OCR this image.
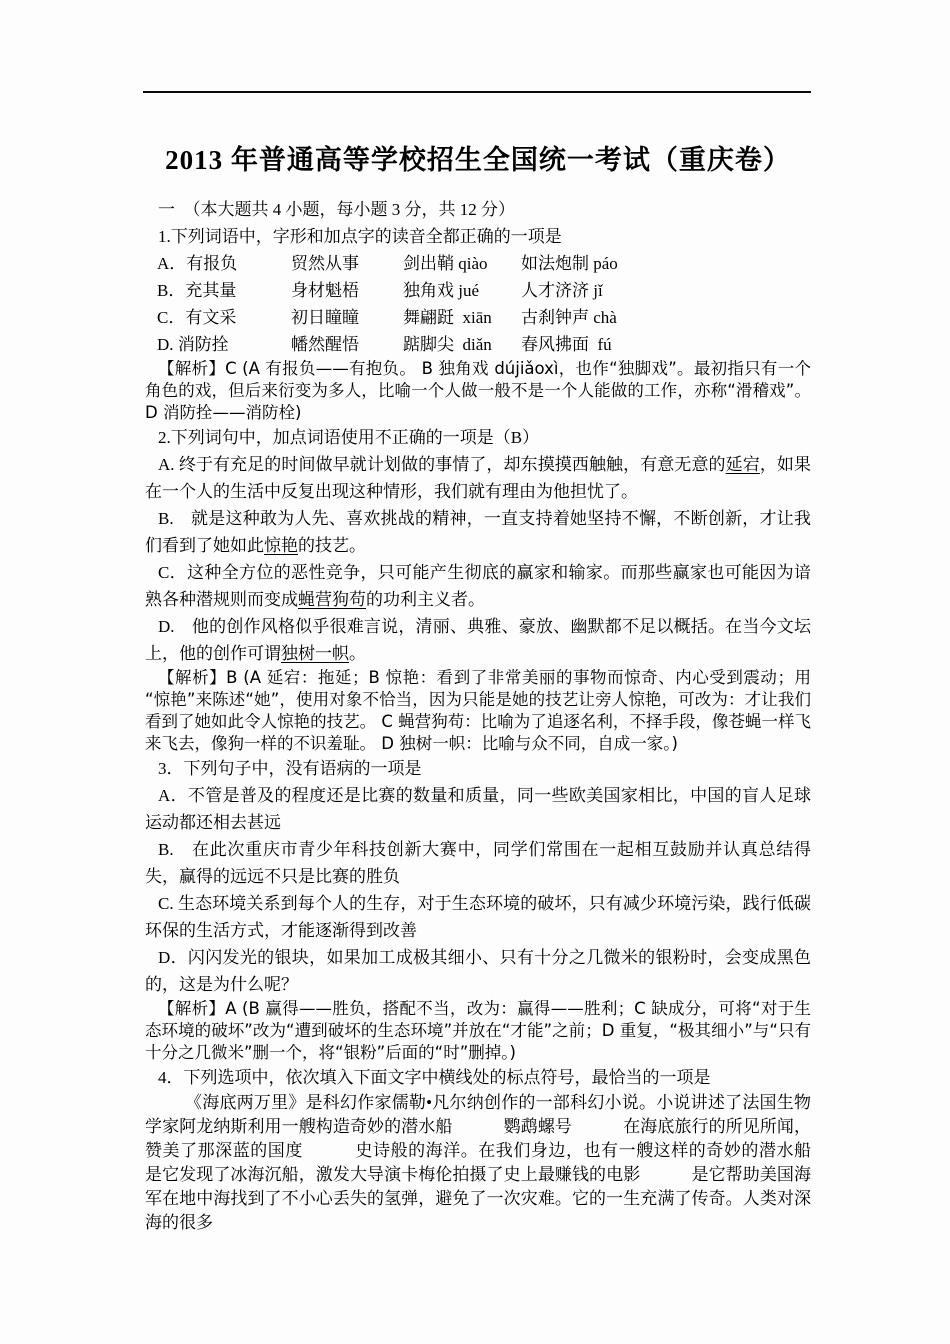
2013 年普通高等学校招生全国统一考试（重庆卷）

一　（本大题共 4 小题，每小题 3 分，共 12 分）

1.下列词语中，字形和加点字的读音全都正确的一项是

A．有报负	贸然从事	剑出鞘 qiào	如法炮制 páo
B．充其量	身材魁梧	独角戏 jué	人才济济 jǐ
C．有文采	初日瞳瞳	舞翩跹  xiān	古刹钟声 chà
D. 消防拴	幡然醒悟	踮脚尖  diǎn	春风拂面  fú

【解析】C (A 有报负——有抱负。 B 独角戏 dújiǎoxì，也作“独脚戏”。最初指只有一个角色的戏，但后来衍变为多人，比喻一个人做一般不是一个人能做的工作，亦称“滑稽戏”。D 消防拴——消防栓)

2.下列词句中，加点词语使用不正确的一项是（B）

A. 终于有充足的时间做早就计划做的事情了，却东摸摸西触触，有意无意的延宕，如果在一个人的生活中反复出现这种情形，我们就有理由为他担忧了。

B.　就是这种敢为人先、喜欢挑战的精神，一直支持着她坚持不懈，不断创新，才让我们看到了她如此惊艳的技艺。

C．这种全方位的恶性竞争，只可能产生彻底的赢家和输家。而那些赢家也可能因为谙熟各种潜规则而变成蝇营狗苟的功利主义者。

D.　他的创作风格似乎很难言说，清丽、典雅、豪放、幽默都不足以概括。在当今文坛上，他的创作可谓独树一帜。

【解析】B (A 延宕：拖延；B 惊艳：看到了非常美丽的事物而惊奇、内心受到震动；用“惊艳”来陈述“她”，使用对象不恰当，因为只能是她的技艺让旁人惊艳，可改为：才让我们看到了她如此令人惊艳的技艺。 C 蝇营狗苟：比喻为了追逐名利，不择手段，像苍蝇一样飞来飞去，像狗一样的不识羞耻。 D 独树一帜：比喻与众不同，自成一家。)

3．下列句子中，没有语病的一项是

A．不管是普及的程度还是比赛的数量和质量，同一些欧美国家相比，中国的盲人足球运动都还相去甚远

B.　在此次重庆市青少年科技创新大赛中，同学们常围在一起相互鼓励并认真总结得失，赢得的远远不只是比赛的胜负

C. 生态环境关系到每个人的生存，对于生态环境的破坏，只有减少环境污染，践行低碳环保的生活方式，才能逐渐得到改善

D．闪闪发光的银块，如果加工成极其细小、只有十分之几微米的银粉时，会变成黑色的，这是为什么呢？

【解析】A (B 赢得——胜负，搭配不当，改为：赢得——胜利；C 缺成分，可将“对于生态环境的破坏”改为“遭到破坏的生态环境”并放在“才能”之前；D 重复，“极其细小”与“只有十分之几微米”删一个，将“银粉”后面的“时”删掉。)

4．下列选项中，依次填入下面文字中横线处的标点符号，最恰当的一项是

《海底两万里》是科幻作家儒勒•凡尔纳创作的一部科幻小说。小说讲述了法国生物学家阿龙纳斯利用一艘构造奇妙的潜水船　　　鹦鹉螺号　　　在海底旅行的所见所闻，赞美了那深蓝的国度　　　史诗般的海洋。在我们身边，也有一艘这样的奇妙的潜水船　　是它发现了冰海沉船，激发大导演卡梅伦拍摄了史上最赚钱的电影　　　是它帮助美国海军在地中海找到了不小心丢失的氢弹，避免了一次灾难。它的一生充满了传奇。人类对深海的很多
